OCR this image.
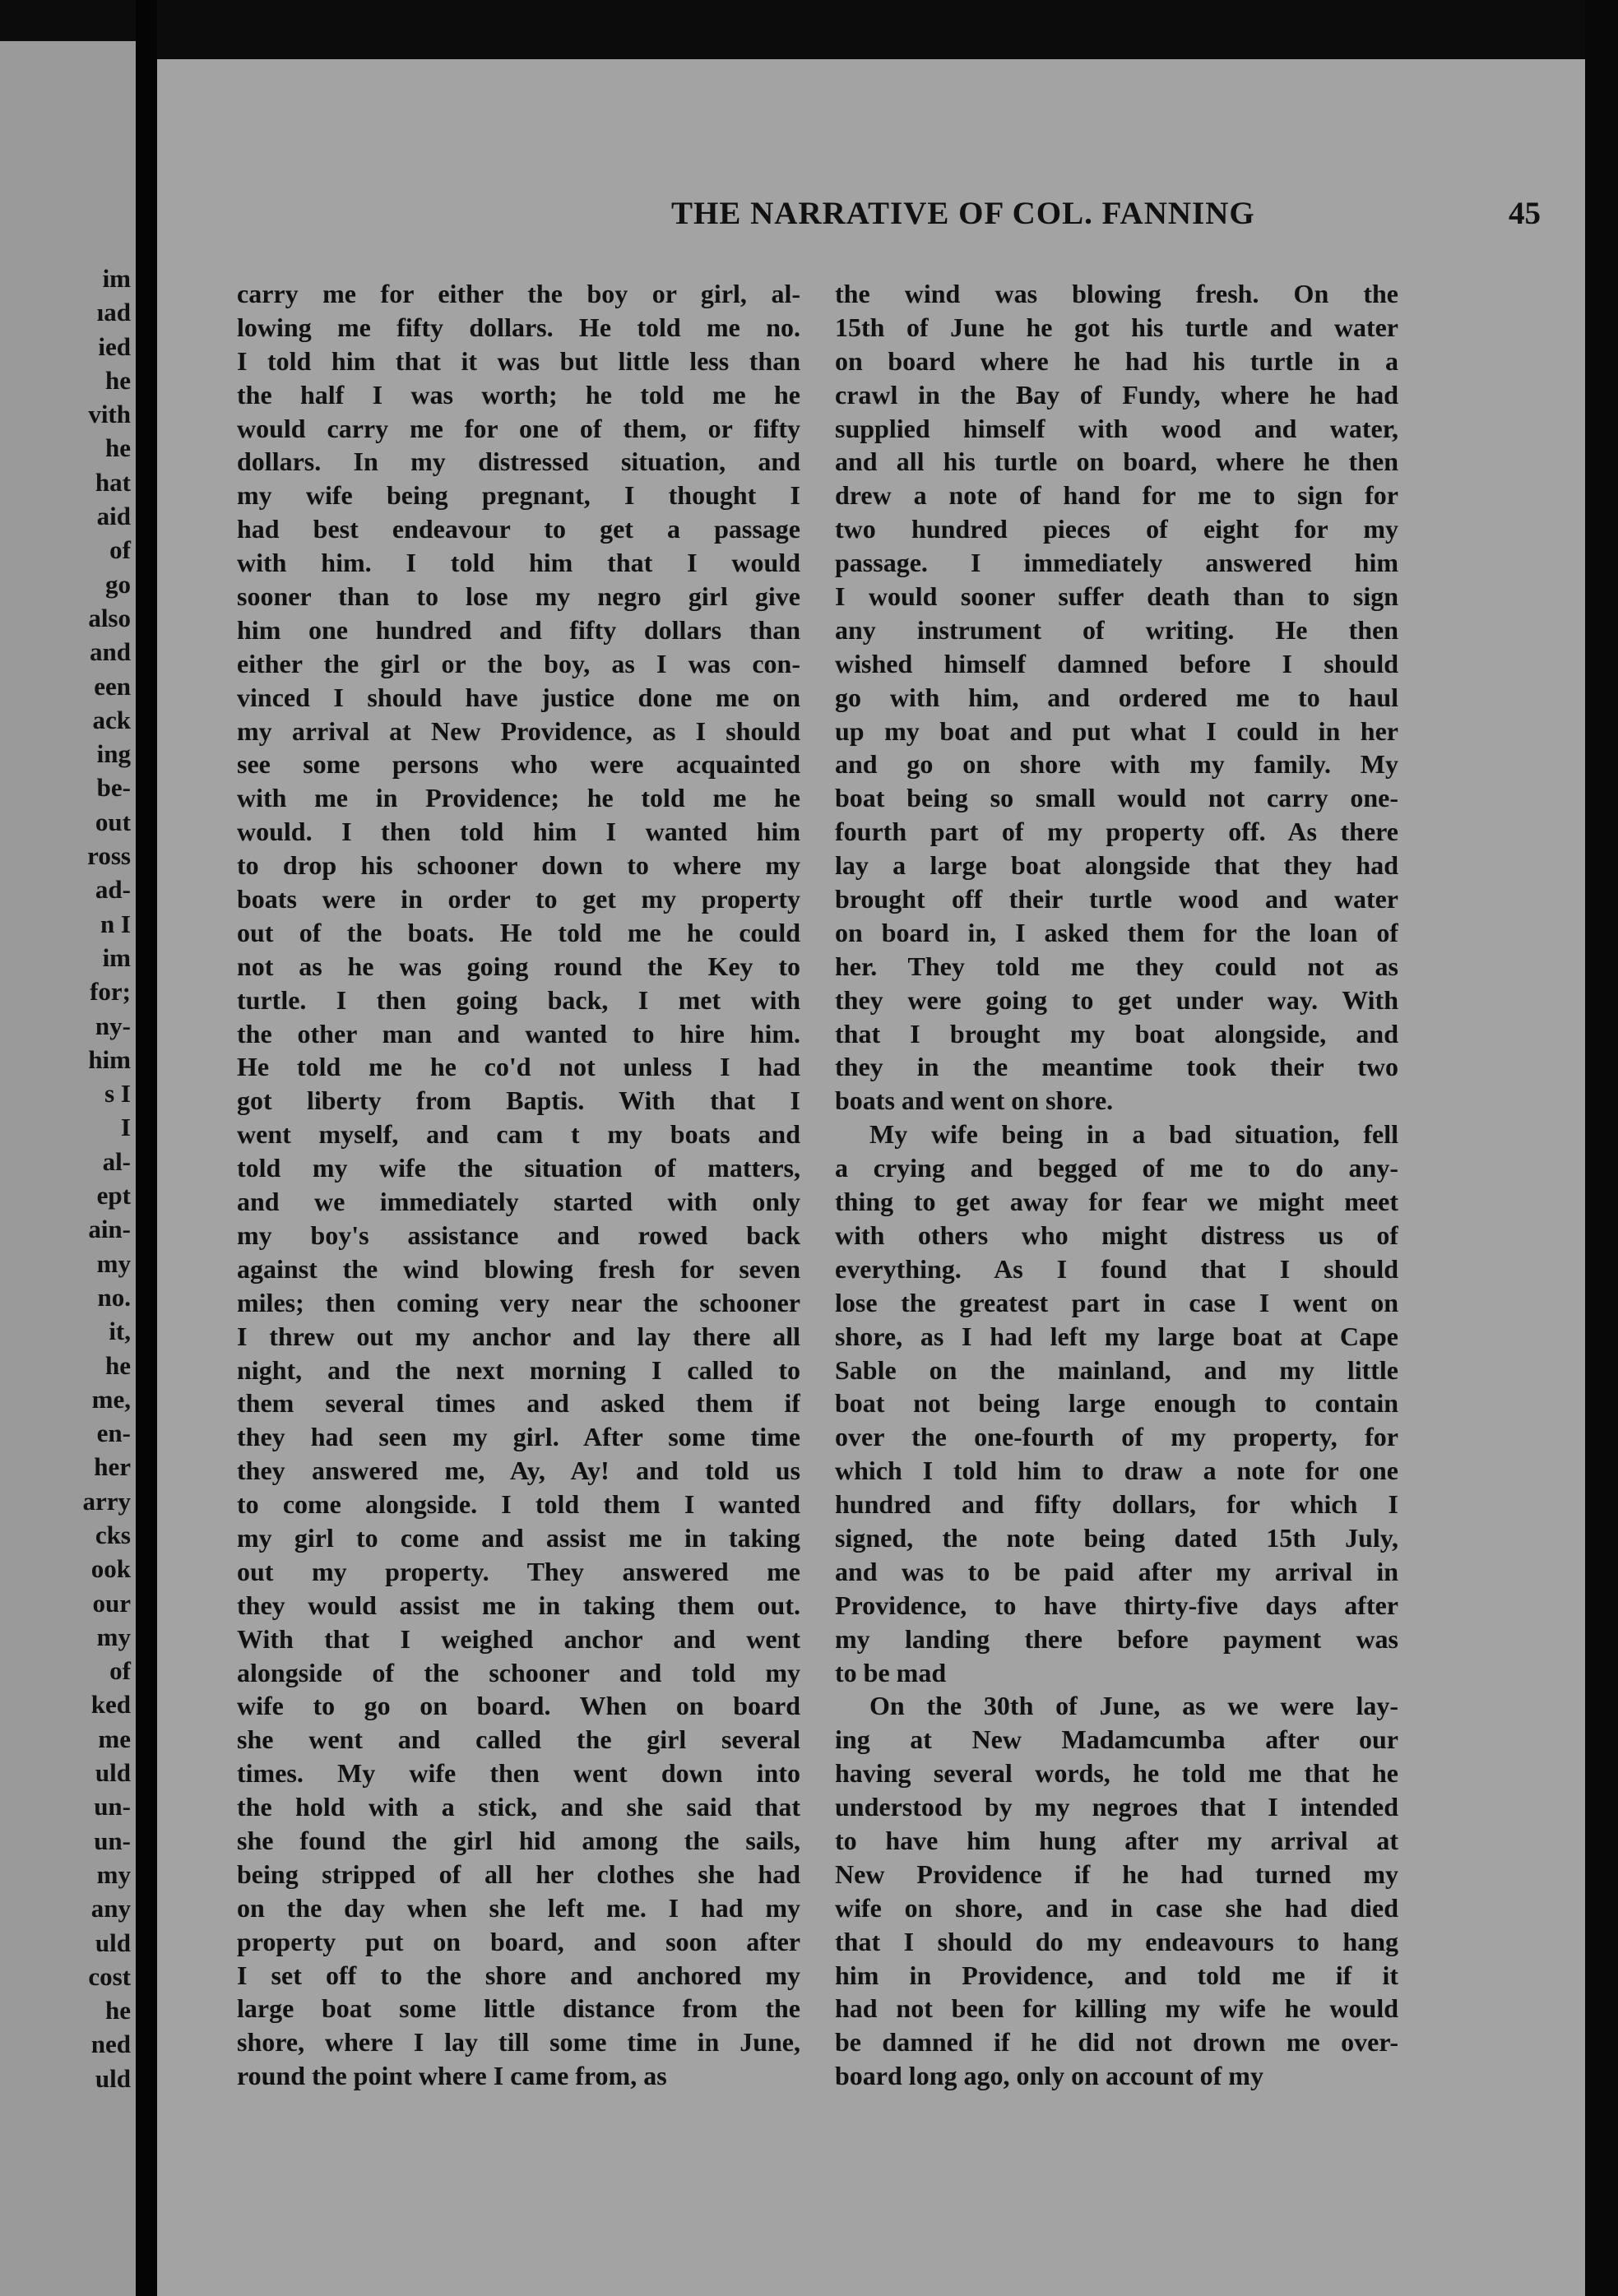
im
ıad
ied
he
vith
he
hat
aid
of
go
also
and
een
ack
ing
be-
out
ross
ad-
n I
im
for;
ny-
him
s I
I
al-
ept
ain-
my
no.
it,
he
me,
en-
her
arry
cks
ook
our
my
of
ked
me
uld
un-
un-
my
any
uld
cost
he
ned
uld
THE NARRATIVE OF COL. FANNING	45
carry me for either the boy or girl, al-
lowing me fifty dollars. He told me no.
I told him that it was but little less than
the half I was worth; he told me he
would carry me for one of them, or fifty
dollars. In my distressed situation, and
my wife being pregnant, I thought I
had best endeavour to get a passage
with him. I told him that I would
sooner than to lose my negro girl give
him one hundred and fifty dollars than
either the girl or the boy, as I was con-
vinced I should have justice done me on
my arrival at New Providence, as I should
see some persons who were acquainted
with me in Providence; he told me he
would. I then told him I wanted him
to drop his schooner down to where my
boats were in order to get my property
out of the boats. He told me he could
not as he was going round the Key to
turtle. I then going back, I met with
the other man and wanted to hire him.
He told me he co'd not unless I had
got liberty from Baptis. With that I
went myself, and cam t my boats and
told my wife the situation of matters,
and we immediately started with only
my boy's assistance and rowed back
against the wind blowing fresh for seven
miles; then coming very near the schooner
I threw out my anchor and lay there all
night, and the next morning I called to
them several times and asked them if
they had seen my girl. After some time
they answered me, Ay, Ay! and told us
to come alongside. I told them I wanted
my girl to come and assist me in taking
out my property. They answered me
they would assist me in taking them out.
With that I weighed anchor and went
alongside of the schooner and told my
wife to go on board. When on board
she went and called the girl several
times. My wife then went down into
the hold with a stick, and she said that
she found the girl hid among the sails,
being stripped of all her clothes she had
on the day when she left me. I had my
property put on board, and soon after
I set off to the shore and anchored my
large boat some little distance from the
shore, where I lay till some time in June,
round the point where I came from, as
the wind was blowing fresh. On the
15th of June he got his turtle and water
on board where he had his turtle in a
crawl in the Bay of Fundy, where he had
supplied himself with wood and water,
and all his turtle on board, where he then
drew a note of hand for me to sign for
two hundred pieces of eight for my
passage. I immediately answered him
I would sooner suffer death than to sign
any instrument of writing. He then
wished himself damned before I should
go with him, and ordered me to haul
up my boat and put what I could in her
and go on shore with my family. My
boat being so small would not carry one-
fourth part of my property off. As there
lay a large boat alongside that they had
brought off their turtle wood and water
on board in, I asked them for the loan of
her. They told me they could not as
they were going to get under way. With
that I brought my boat alongside, and
they in the meantime took their two
boats and went on shore.
My wife being in a bad situation, fell
a crying and begged of me to do any-
thing to get away for fear we might meet
with others who might distress us of
everything. As I found that I should
lose the greatest part in case I went on
shore, as I had left my large boat at Cape
Sable on the mainland, and my little
boat not being large enough to contain
over the one-fourth of my property, for
which I told him to draw a note for one
hundred and fifty dollars, for which I
signed, the note being dated 15th July,
and was to be paid after my arrival in
Providence, to have thirty-five days after
my landing there before payment was
to be mad
On the 30th of June, as we were lay-
ing at New Madamcumba after our
having several words, he told me that he
understood by my negroes that I intended
to have him hung after my arrival at
New Providence if he had turned my
wife on shore, and in case she had died
that I should do my endeavours to hang
him in Providence, and told me if it
had not been for killing my wife he would
be damned if he did not drown me over-
board long ago, only on account of my
